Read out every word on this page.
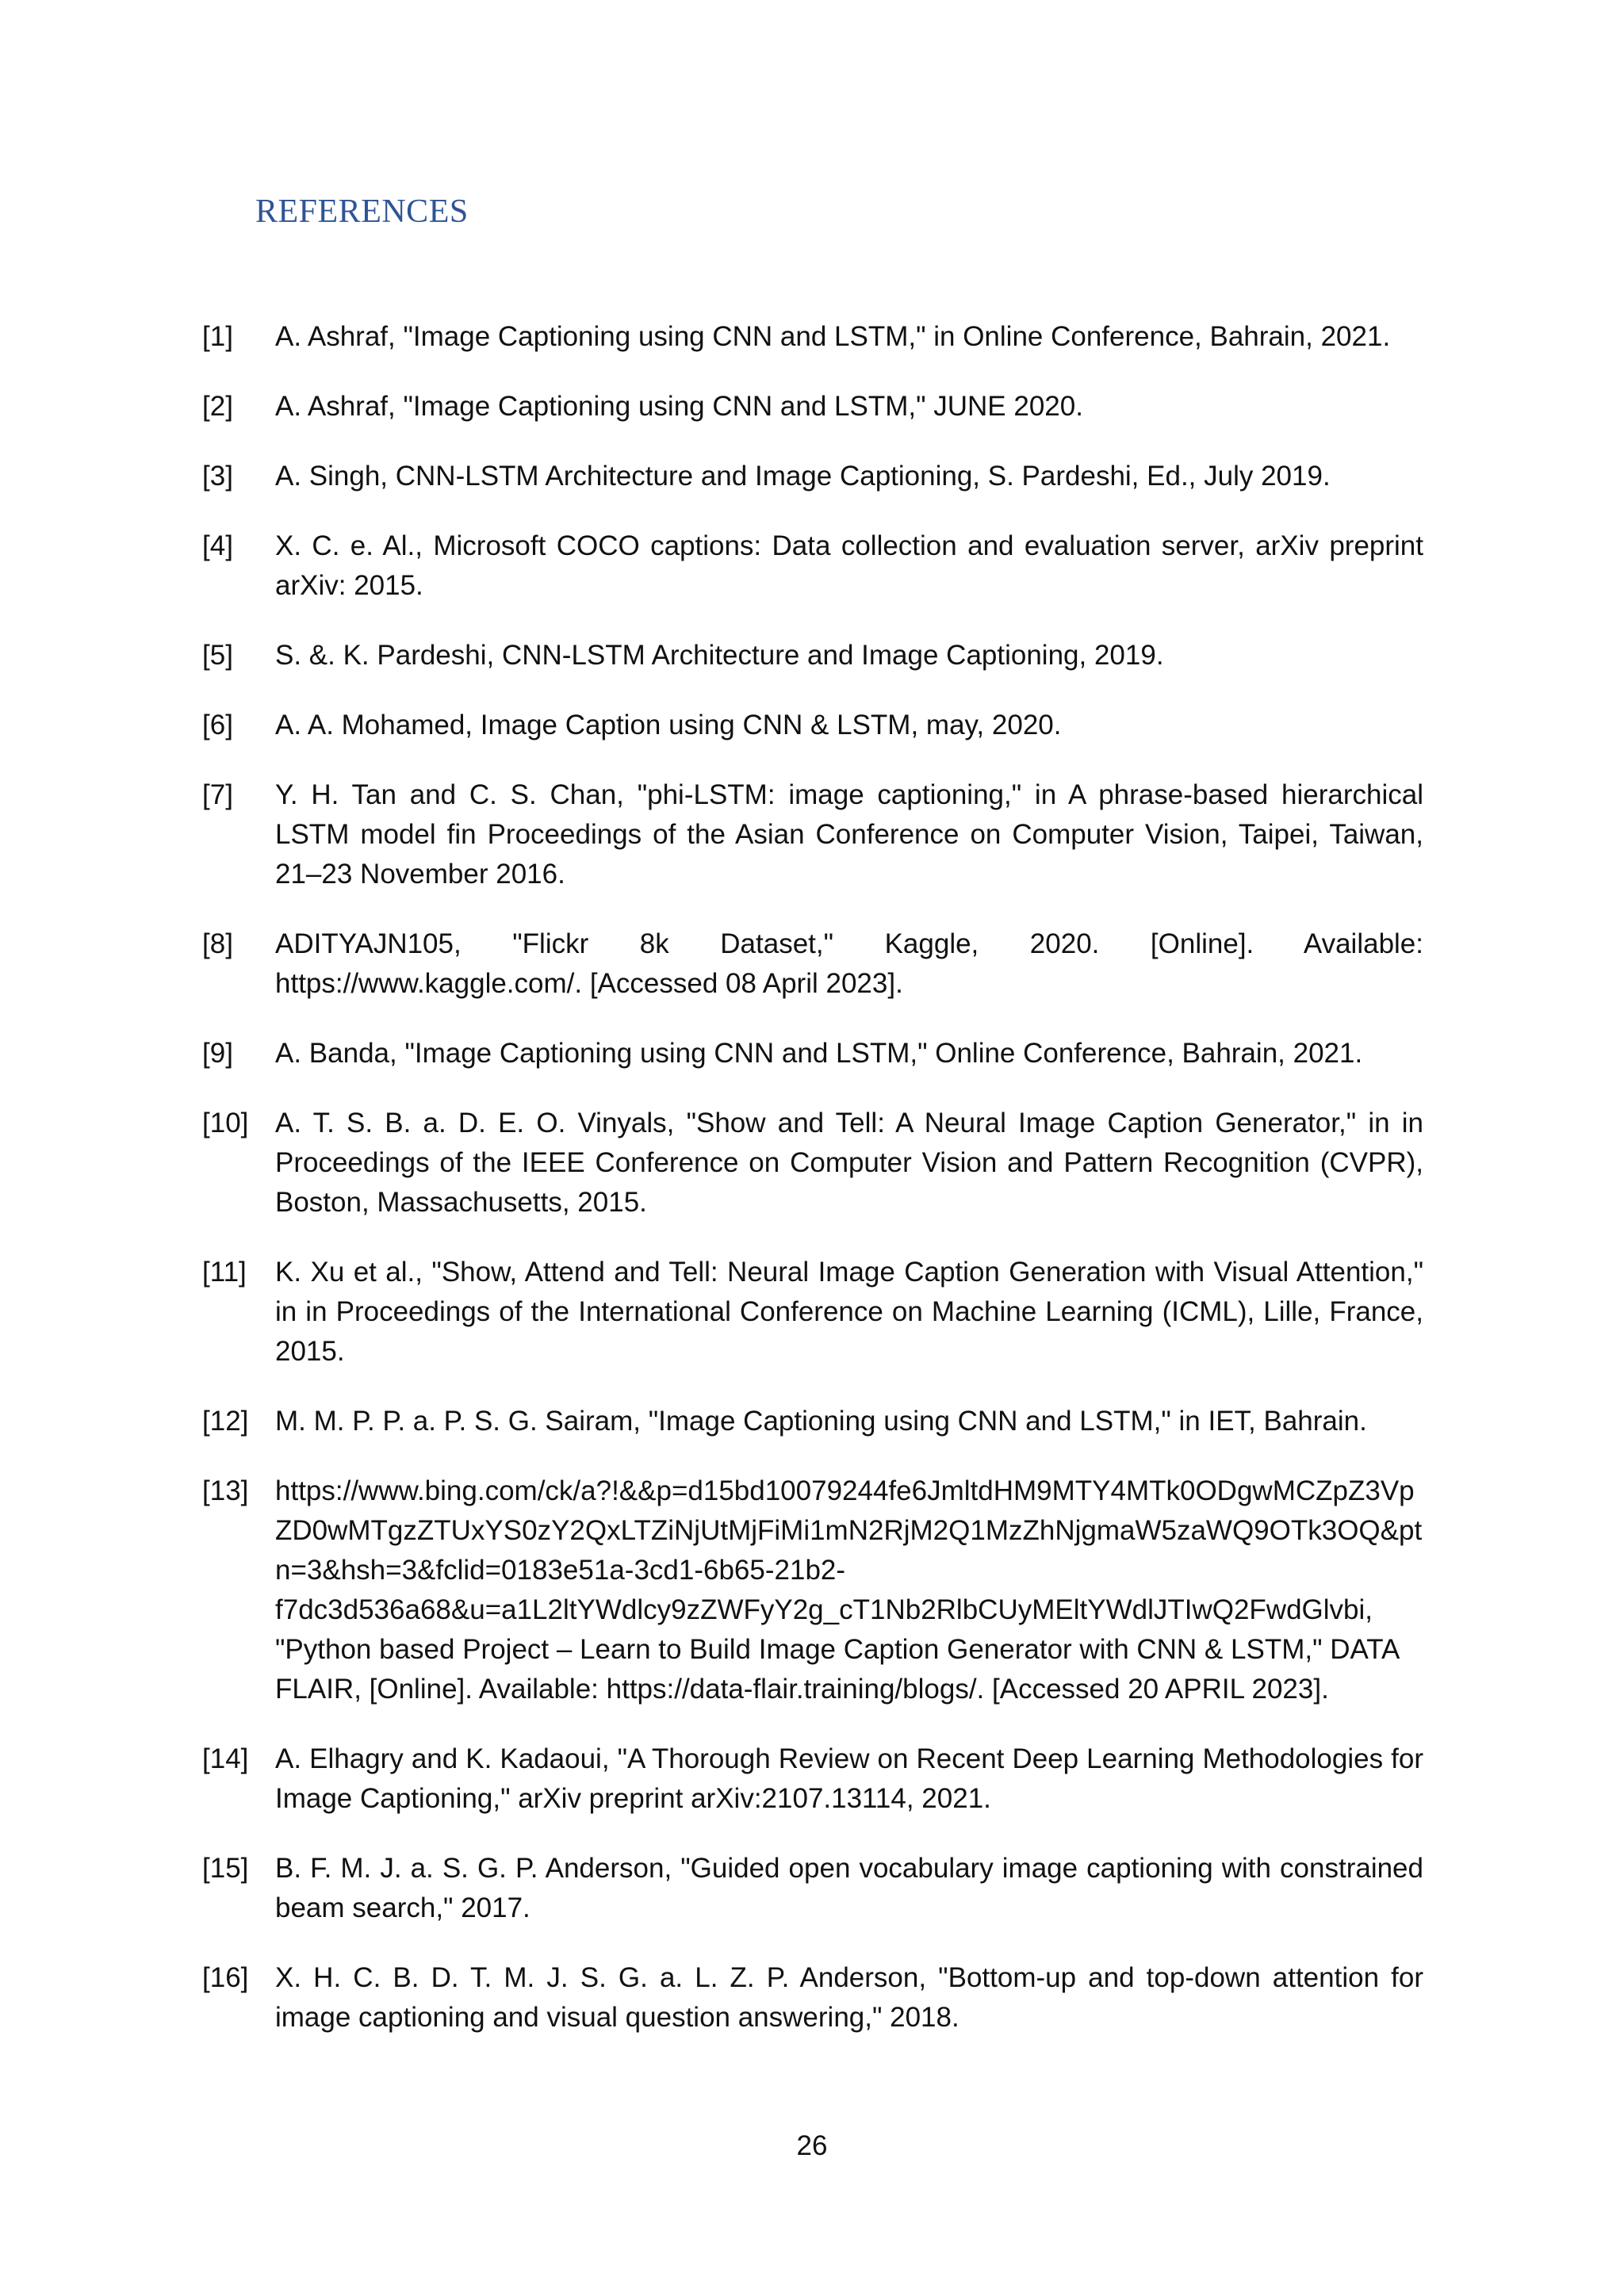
REFERENCES
[1]	A. Ashraf, "Image Captioning using CNN and LSTM," in Online Conference, Bahrain, 2021.
[2]	A. Ashraf, "Image Captioning using CNN and LSTM," JUNE 2020.
[3]	A. Singh, CNN-LSTM Architecture and Image Captioning, S. Pardeshi, Ed., July 2019.
[4]	X. C. e. Al., Microsoft COCO captions: Data collection and evaluation server, arXiv preprint arXiv: 2015.
[5]	S. &. K. Pardeshi, CNN-LSTM Architecture and Image Captioning, 2019.
[6]	A. A. Mohamed, Image Caption using CNN & LSTM, may, 2020.
[7]	Y. H. Tan and C. S. Chan, "phi-LSTM: image captioning," in A phrase-based hierarchical LSTM model fin Proceedings of the Asian Conference on Computer Vision, Taipei, Taiwan, 21–23 November 2016.
[8]	ADITYAJN105, "Flickr 8k Dataset," Kaggle, 2020. [Online]. Available: https://www.kaggle.com/. [Accessed 08 April 2023].
[9]	A. Banda, "Image Captioning using CNN and LSTM," Online Conference, Bahrain, 2021.
[10] A. T. S. B. a. D. E. O. Vinyals, "Show and Tell: A Neural Image Caption Generator," in in Proceedings of the IEEE Conference on Computer Vision and Pattern Recognition (CVPR), Boston, Massachusetts, 2015.
[11]	K. Xu et al., "Show, Attend and Tell: Neural Image Caption Generation with Visual Attention," in in Proceedings of the International Conference on Machine Learning (ICML), Lille, France, 2015.
[12] M. M. P. P. a. P. S. G. Sairam, "Image Captioning using CNN and LSTM," in IET, Bahrain.
[13] https://www.bing.com/ck/a?!&&p=d15bd10079244fe6JmltdHM9MTY4MTk0ODgwMCZpZ3VpZD0wMTgzZTUxYS0zY2QxLTZiNjUtMjFiMi1mN2RjM2Q1MzZhNjgmaW5zaWQ9OTk3OQ&ptn=3&hsh=3&fclid=0183e51a-3cd1-6b65-21b2-f7dc3d536a68&u=a1L2ltYWdlcy9zZWFyY2g_cT1Nb2RlbCUyMEltYWdlJTIwQ2FwdGlvbi, "Python based Project – Learn to Build Image Caption Generator with CNN & LSTM," DATA FLAIR, [Online]. Available: https://data-flair.training/blogs/. [Accessed 20 APRIL 2023].
[14] A. Elhagry and K. Kadaoui, "A Thorough Review on Recent Deep Learning Methodologies for Image Captioning," arXiv preprint arXiv:2107.13114, 2021.
[15] B. F. M. J. a. S. G. P. Anderson, "Guided open vocabulary image captioning with constrained beam search," 2017.
[16] X. H. C. B. D. T. M. J. S. G. a. L. Z. P. Anderson, "Bottom-up and top-down attention for image captioning and visual question answering," 2018.
26
